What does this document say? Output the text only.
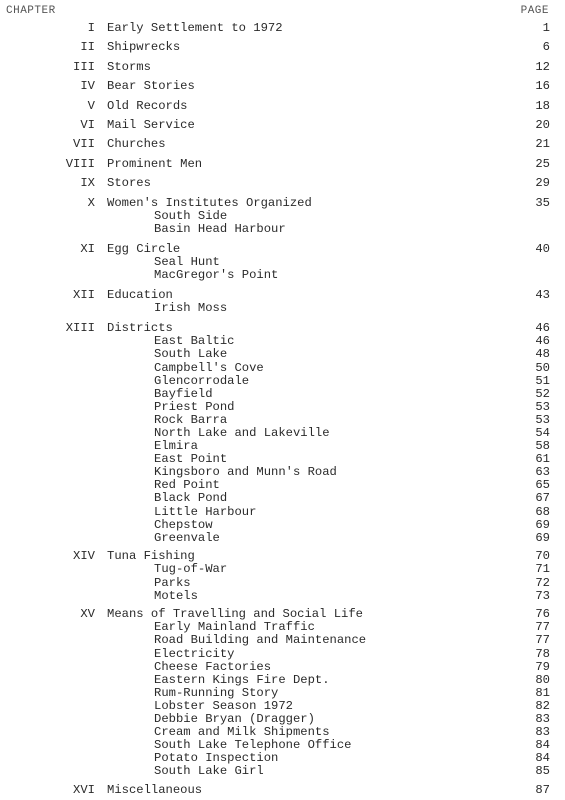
CHAPTER	PAGE
I Early Settlement to 1972	1
II Shipwrecks	6
III Storms	12
IV Bear Stories	16
V Old Records	18
VI Mail Service	20
VII Churches	21
VIII Prominent Men	25
IX Stores	29
X Women's Institutes Organized	35
South Side
Basin Head Harbour
XI Egg Circle	40
Seal Hunt
MacGregor's Point
XII Education	43
Irish Moss
XIII Districts	46
East Baltic	46
South Lake	48
Campbell's Cove	50
Glencorrodale	51
Bayfield	52
Priest Pond	53
Rock Barra	53
North Lake and Lakeville	54
Elmira	58
East Point	61
Kingsboro and Munn's Road	63
Red Point	65
Black Pond	67
Little Harbour	68
Chepstow	69
Greenvale	69
XIV Tuna Fishing	70
Tug-of-War	71
Parks	72
Motels	73
XV Means of Travelling and Social Life	76
Early Mainland Traffic	77
Road Building and Maintenance	77
Electricity	78
Cheese Factories	79
Eastern Kings Fire Dept.	80
Rum-Running Story	81
Lobster Season 1972	82
Debbie Bryan (Dragger)	83
Cream and Milk Shipments	83
South Lake Telephone Office	84
Potato Inspection	84
South Lake Girl	85
XVI Miscellaneous	87
